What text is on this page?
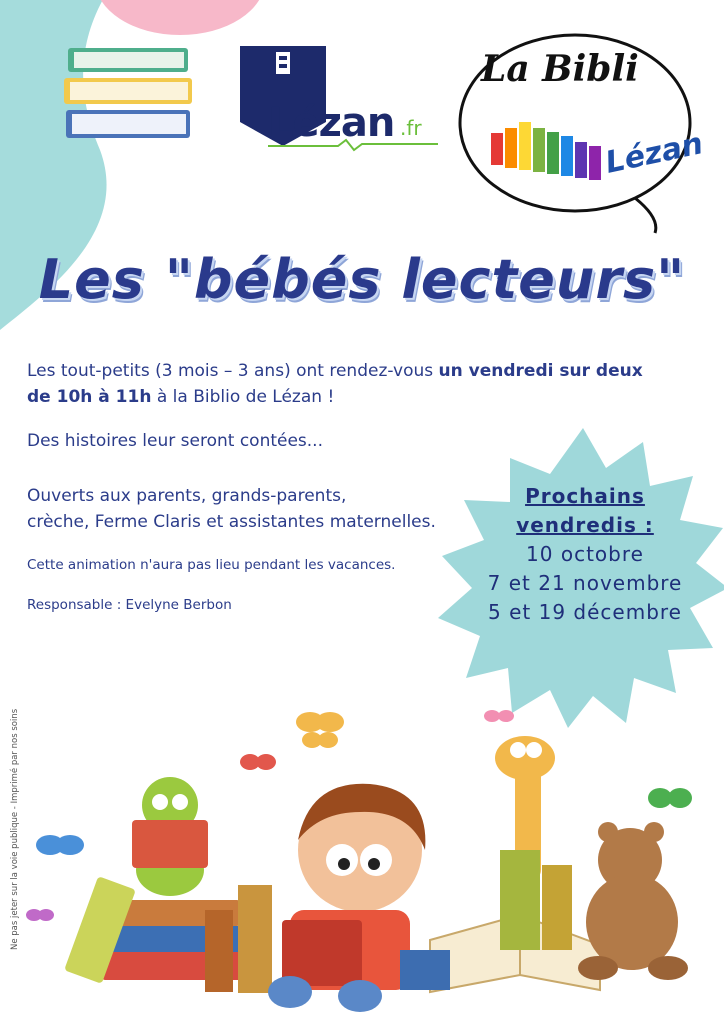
Lézan .fr
La Bibli
Lézan
Les "bébés lecteurs"
Les tout-petits (3 mois – 3 ans) ont rendez-vous un vendredi sur deux
de 10h à 11h à la Biblio de Lézan !
Des histoires leur seront contées...
Ouverts aux parents, grands-parents,
crèche, Ferme Claris et assistantes maternelles.
Cette animation n'aura pas lieu pendant les vacances.
Responsable : Evelyne Berbon
Prochains
vendredis :
10 octobre
7 et 21 novembre
5 et 19 décembre
Ne pas jeter sur la voie publique - Imprimé par nos soins
